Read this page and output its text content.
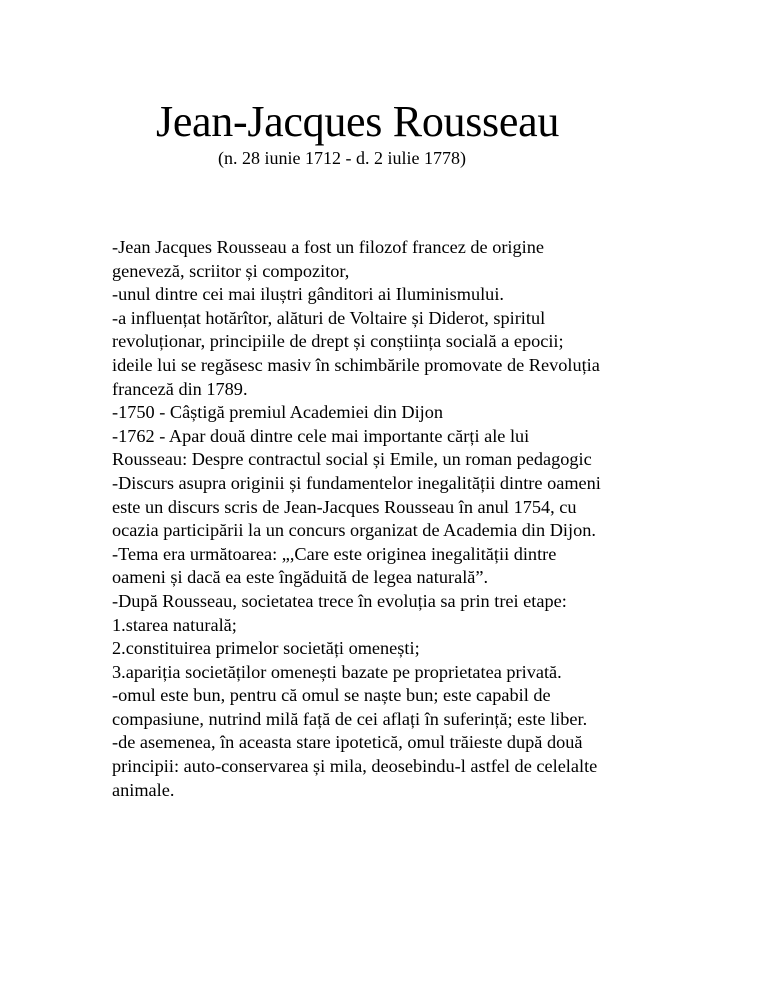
Jean-Jacques Rousseau
(n. 28 iunie 1712 - d. 2 iulie 1778)
-Jean Jacques Rousseau a fost un filozof francez de origine
geneveză, scriitor și compozitor,
-unul dintre cei mai iluștri gânditori ai Iluminismului.
-a influențat hotărîtor, alături de Voltaire și Diderot, spiritul
revoluționar, principiile de drept și conștiința socială a epocii;
ideile lui se regăsesc masiv în schimbările promovate de Revoluția
franceză din 1789.
-1750 - Câștigă premiul Academiei din Dijon
-1762 - Apar două dintre cele mai importante cărți ale lui
Rousseau: Despre contractul social și Emile, un roman pedagogic
-Discurs asupra originii și fundamentelor inegalității dintre oameni
este un discurs scris de Jean-Jacques Rousseau în anul 1754, cu
ocazia participării la un concurs organizat de Academia din Dijon.
-Tema era următoarea: „,Care este originea inegalității dintre
oameni și dacă ea este îngăduită de legea naturală”.
-După Rousseau, societatea trece în evoluția sa prin trei etape:
1.starea naturală;
2.constituirea primelor societăți omenești;
3.apariția societăților omenești bazate pe proprietatea privată.
-omul este bun, pentru că omul se naște bun; este capabil de
compasiune, nutrind milă față de cei aflați în suferință; este liber.
-de asemenea, în aceasta stare ipotetică, omul trăieste după două
principii: auto-conservarea și mila, deosebindu-l astfel de celelalte
animale.
